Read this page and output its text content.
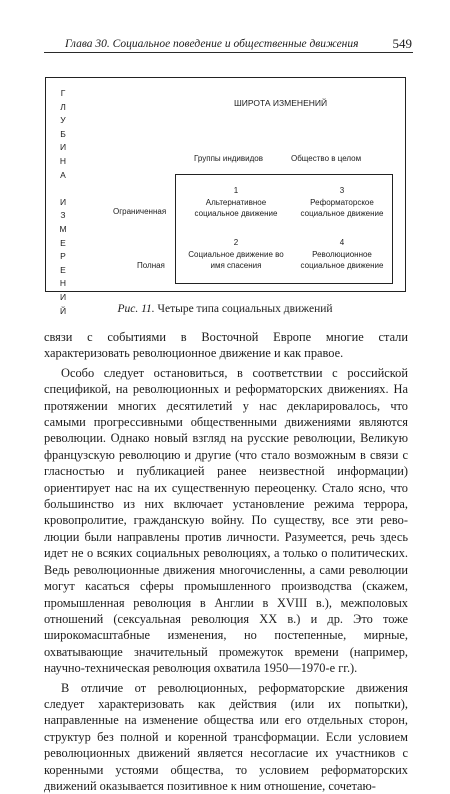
Глава 30. Социальное поведение и общественные движения	549
Г
Л
У
Б
И
Н
А
И
З
М
Е
Р
Е
Н
И
Й
ШИРОТА ИЗМЕНЕНИЙ
Группы индивидов	Общество в целом
Ограниченная
Полная
1
Альтернативное социальное движение
3
Реформаторское социальное движение
2
Социальное движение во имя спасения
4
Революционное социальное движение
Рис. 11. Четыре типа социальных движений

связи с событиями в Восточной Европе многие стали характеризовать революционное движение и как правое.

Особо следует остановиться, в соответствии с российской спецификой, на революционных и реформаторских движениях. На протяжении многих десятилетий у нас декларировалось, что самыми прогрессивными общественными движениями являются революции. Однако новый взгляд на русские революции, Великую французскую революцию и другие (что стало возможным в связи с гласностью и публикацией ранее неизвестной информации) ориентирует нас на их существенную переоценку. Стало ясно, что большинство из них включает установление режима террора, кровопролитие, гражданскую войну. По существу, все эти революции были направлены против личности. Разумеется, речь здесь идет не о всяких социальных революциях, а только о политических. Ведь революционные движения многочисленны, а сами революции могут касаться сферы промышленного производства (скажем, промышленная революция в Англии в XVIII в.), межполовых отношений (сексуальная революция XX в.) и др. Это тоже широкомасштабные изменения, но постепенные, мирные, охватывающие значительный промежуток времени (например, научно-техническая революция охватила 1950—1970-е гг.).

В отличие от революционных, реформаторские движения следует характеризовать как действия (или их попытки), направленные на изменение общества или его отдельных сторон, структур без полной и коренной трансформации. Если условием революционных движений является несогласие их участников с коренными устоями общества, то условием реформаторских движений оказывается позитивное к ним отношение, сочетаю-
